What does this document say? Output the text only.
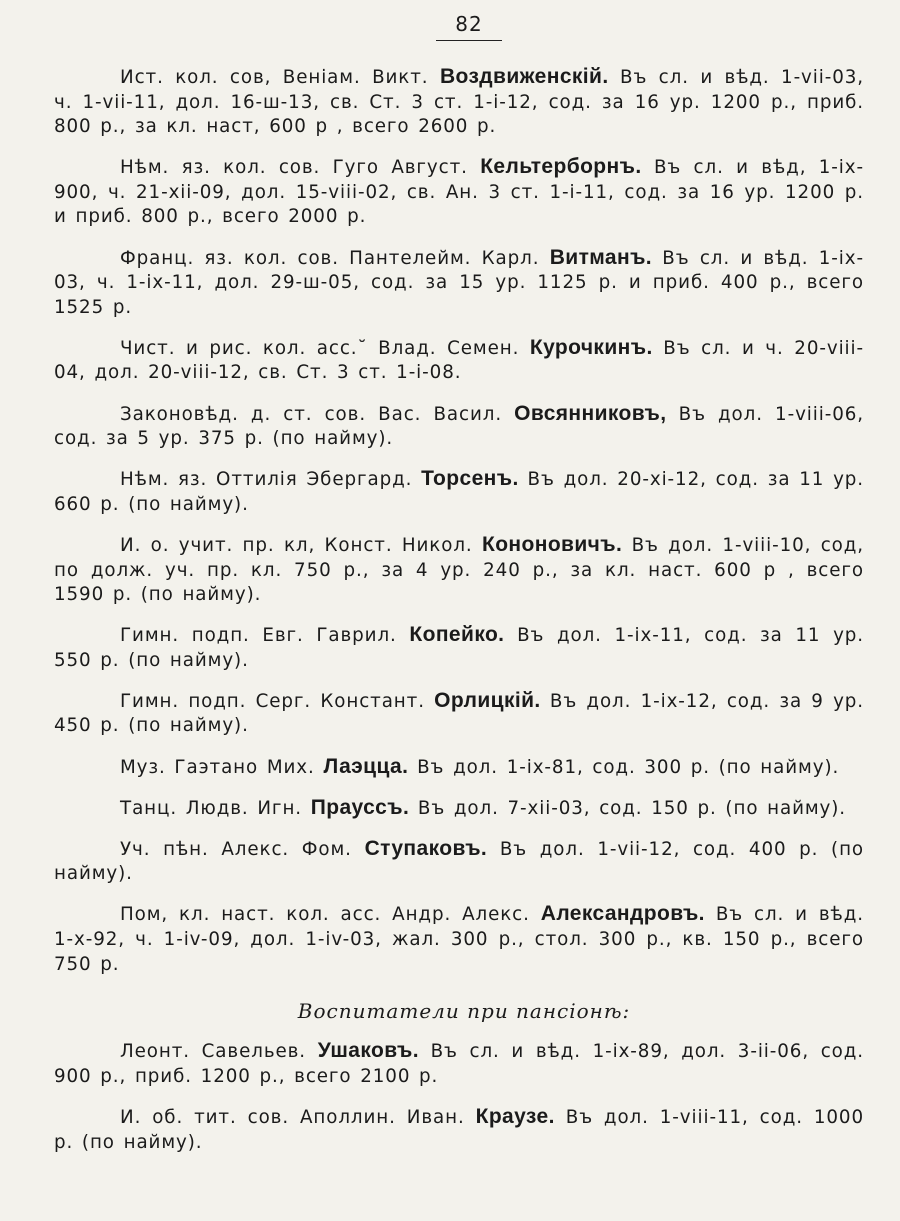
82

Ист. кол. сов, Веніам. Викт. Воздвиженскій. Въ сл. и вѣд. 1-vii-03, ч. 1-vii-11, дол. 16-ш-13, св. Ст. 3 ст. 1-i-12, сод. за 16 ур. 1200 р., приб. 800 р., за кл. наст, 600 р , всего 2600 р.

Нѣм. яз. кол. сов. Гуго Август. Кельтерборнъ. Въ сл. и вѣд, 1-ix-900, ч. 21-xii-09, дол. 15-viii-02, св. Ан. 3 ст. 1-i-11, сод. за 16 ур. 1200 р. и приб. 800 р., всего 2000 р.

Франц. яз. кол. сов. Пантелейм. Карл. Витманъ. Въ сл. и вѣд. 1-ix-03, ч. 1-ix-11, дол. 29-ш-05, сод. за 15 ур. 1125 р. и приб. 400 р., всего 1525 р.

Чист. и рис. кол. асс.˘ Влад. Семен. Курочкинъ. Въ сл. и ч. 20-viii-04, дол. 20-viii-12, св. Ст. 3 ст. 1-i-08.

Законовѣд. д. ст. сов. Вас. Васил. Овсянниковъ, Въ дол. 1-viii-06, сод. за 5 ур. 375 р. (по найму).

Нѣм. яз. Оттилія Эбергард. Торсенъ. Въ дол. 20-xi-12, сод. за 11 ур. 660 р. (по найму).

И. о. учит. пр. кл, Конст. Никол. Кононовичъ. Въ дол. 1-viii-10, сод, по долж. уч. пр. кл. 750 р., за 4 ур. 240 р., за кл. наст. 600 р , всего 1590 р. (по найму).

Гимн. подп. Евг. Гаврил. Копейко. Въ дол. 1-ix-11, сод. за 11 ур. 550 р. (по найму).

Гимн. подп. Серг. Констант. Орлицкій. Въ дол. 1-ix-12, сод. за 9 ур. 450 р. (по найму).

Муз. Гаэтано Мих. Лаэцца. Въ дол. 1-ix-81, сод. 300 р. (по найму).

Танц. Людв. Игн. Праусcъ. Въ дол. 7-xii-03, сод. 150 р. (по найму).

Уч. пѣн. Алекс. Фом. Ступаковъ. Въ дол. 1-vii-12, сод. 400 р. (по найму).

Пом, кл. наст. кол. асс. Андр. Алекс. Александровъ. Въ сл. и вѣд. 1-x-92, ч. 1-iv-09, дол. 1-iv-03, жал. 300 р., стол. 300 р., кв. 150 р., всего 750 р.

Воспитатели при пансіонѣ:

Леонт. Савельев. Ушаковъ. Въ сл. и вѣд. 1-ix-89, дол. 3-ii-06, сод. 900 р., приб. 1200 р., всего 2100 р.

И. об. тит. сов. Аполлин. Иван. Краузе. Въ дол. 1-viii-11, сод. 1000 р. (по найму).
